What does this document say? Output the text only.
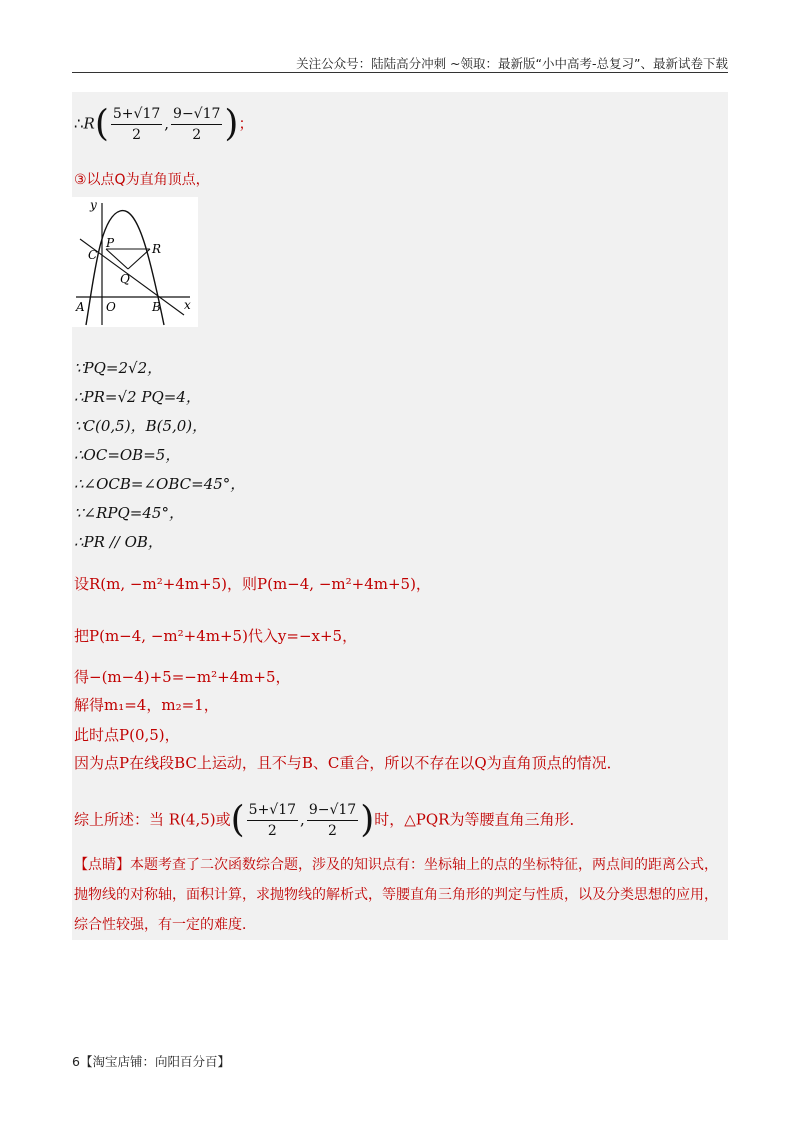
关注公众号：陆陆高分冲刺 ~领取：最新版“小中高考-总复习”、最新试卷下载
∴R( $\frac{5+√17}{2}$ , $\frac{9-√17}{2}$ )；
③以点Q为直角顶点，
y
x
P	R
C
Q
A O	B
∵PQ=2√2，
∴PR=√2 PQ=4，
∵C(0,5)，B(5,0)，
∴OC=OB=5，
∴∠OCB=∠OBC=45°，
∵∠RPQ=45°，
∴PR // OB，
设R(m, −m²+4m+5)，则P(m−4, −m²+4m+5)，
把P(m−4, −m²+4m+5)代入y=−x+5，
得−(m−4)+5=−m²+4m+5，
解得m₁=4，m₂=1，
此时点P(0,5)，
因为点P在线段BC上运动，且不与B、C重合，所以不存在以Q为直角顶点的情况．
综上所述：当 R(4,5)或( $\frac{5+√17}{2}$ , $\frac{9-√17}{2}$ )时，△PQR为等腰直角三角形．
【点睛】本题考查了二次函数综合题，涉及的知识点有：坐标轴上的点的坐标特征，两点间的距离公式，抛物线的对称轴，面积计算，求抛物线的解析式，等腰直角三角形的判定与性质，以及分类思想的应用，综合性较强，有一定的难度．
6【淘宝店铺：向阳百分百】
